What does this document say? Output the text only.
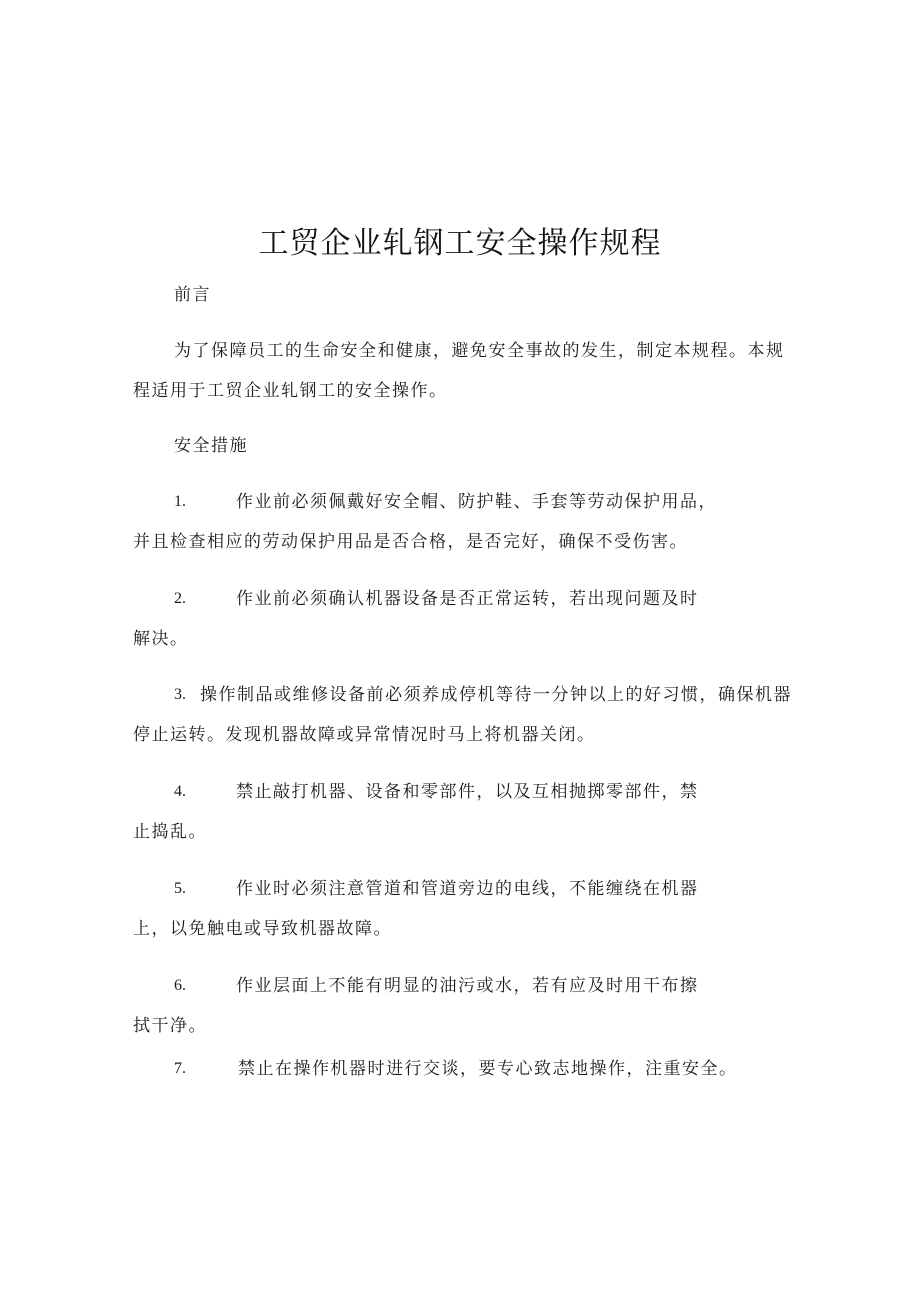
工贸企业轧钢工安全操作规程
前言
为了保障员工的生命安全和健康，避免安全事故的发生，制定本规程。本规
程适用于工贸企业轧钢工的安全操作。
安全措施
1.	作业前必须佩戴好安全帽、防护鞋、手套等劳动保护用品，
并且检查相应的劳动保护用品是否合格，是否完好，确保不受伤害。
2.	作业前必须确认机器设备是否正常运转，若出现问题及时
解决。
3. 操作制品或维修设备前必须养成停机等待一分钟以上的好习惯，确保机器
停止运转。发现机器故障或异常情况时马上将机器关闭。
4.	禁止敲打机器、设备和零部件，以及互相抛掷零部件，禁
止捣乱。
5.	作业时必须注意管道和管道旁边的电线，不能缠绕在机器
上，以免触电或导致机器故障。
6.	作业层面上不能有明显的油污或水，若有应及时用干布擦
拭干净。
7.	禁止在操作机器时进行交谈，要专心致志地操作，注重安全。
